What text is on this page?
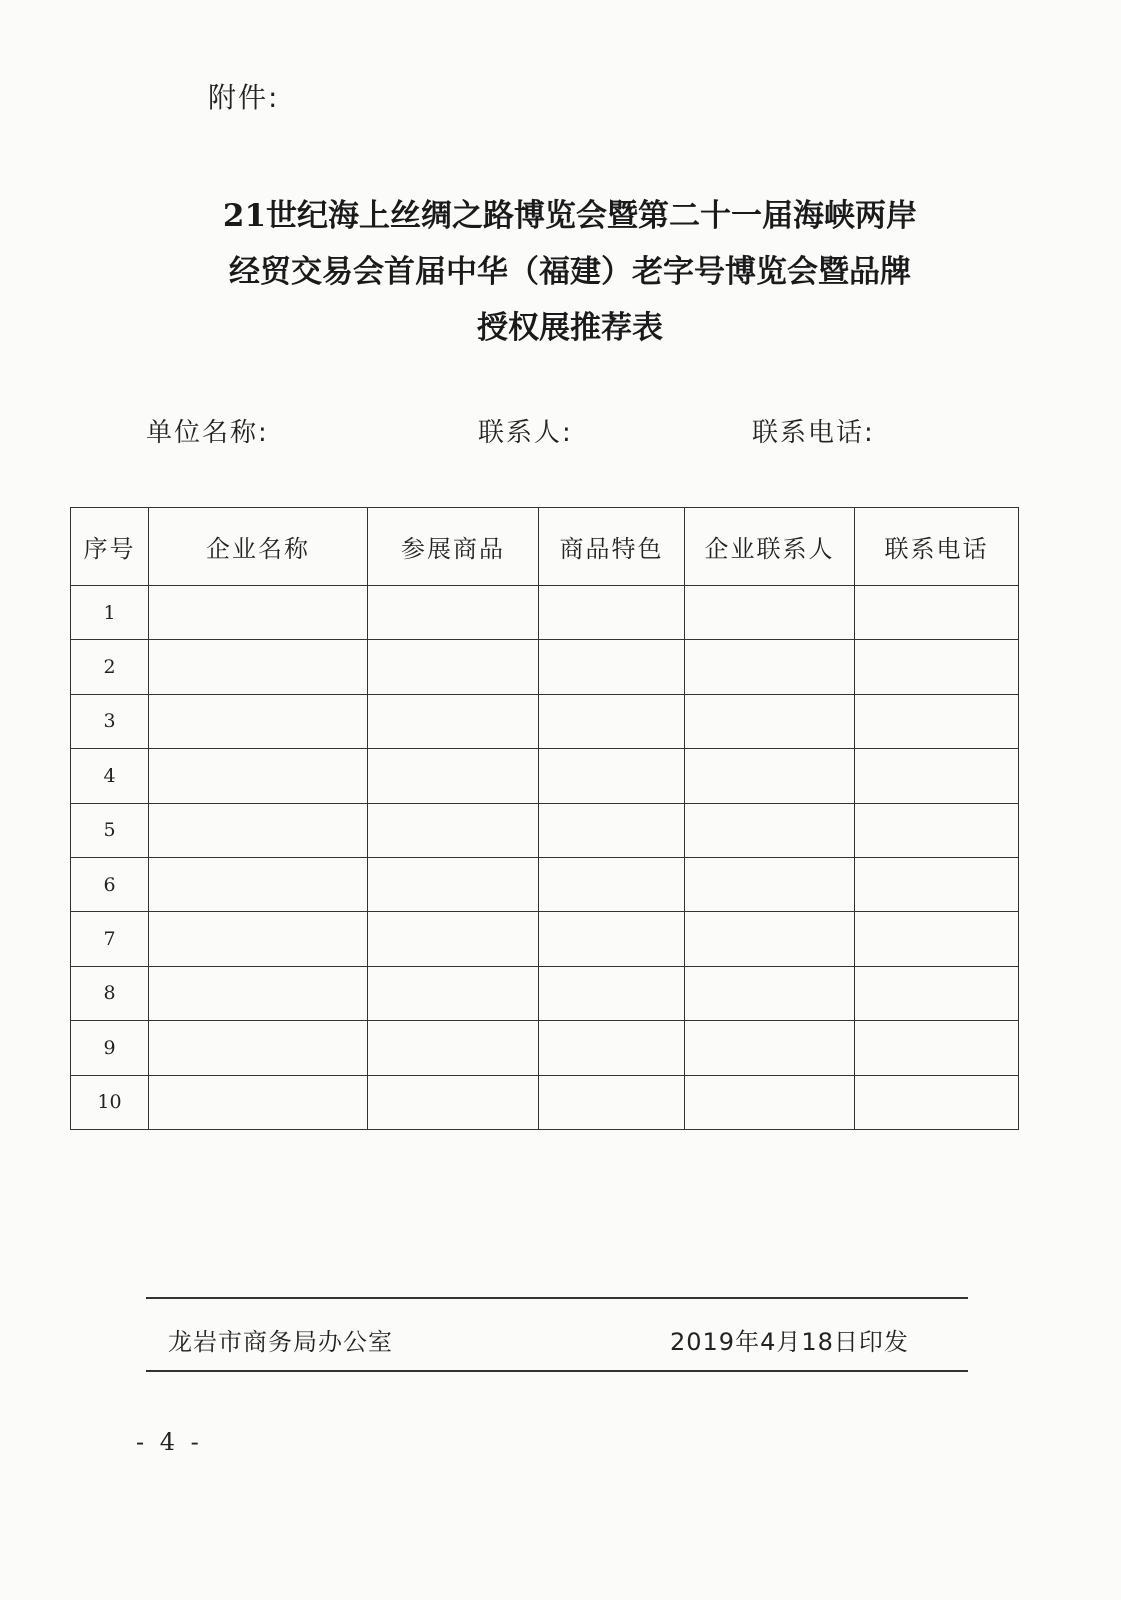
附件:
21世纪海上丝绸之路博览会暨第二十一届海峡两岸
经贸交易会首届中华（福建）老字号博览会暨品牌
授权展推荐表
单位名称:	联系人:	联系电话:
序号	企业名称	参展商品	商品特色	企业联系人	联系电话
1					
2					
3					
4					
5					
6					
7					
8					
9					
10					
龙岩市商务局办公室	2019年4月18日印发
- 4 -
